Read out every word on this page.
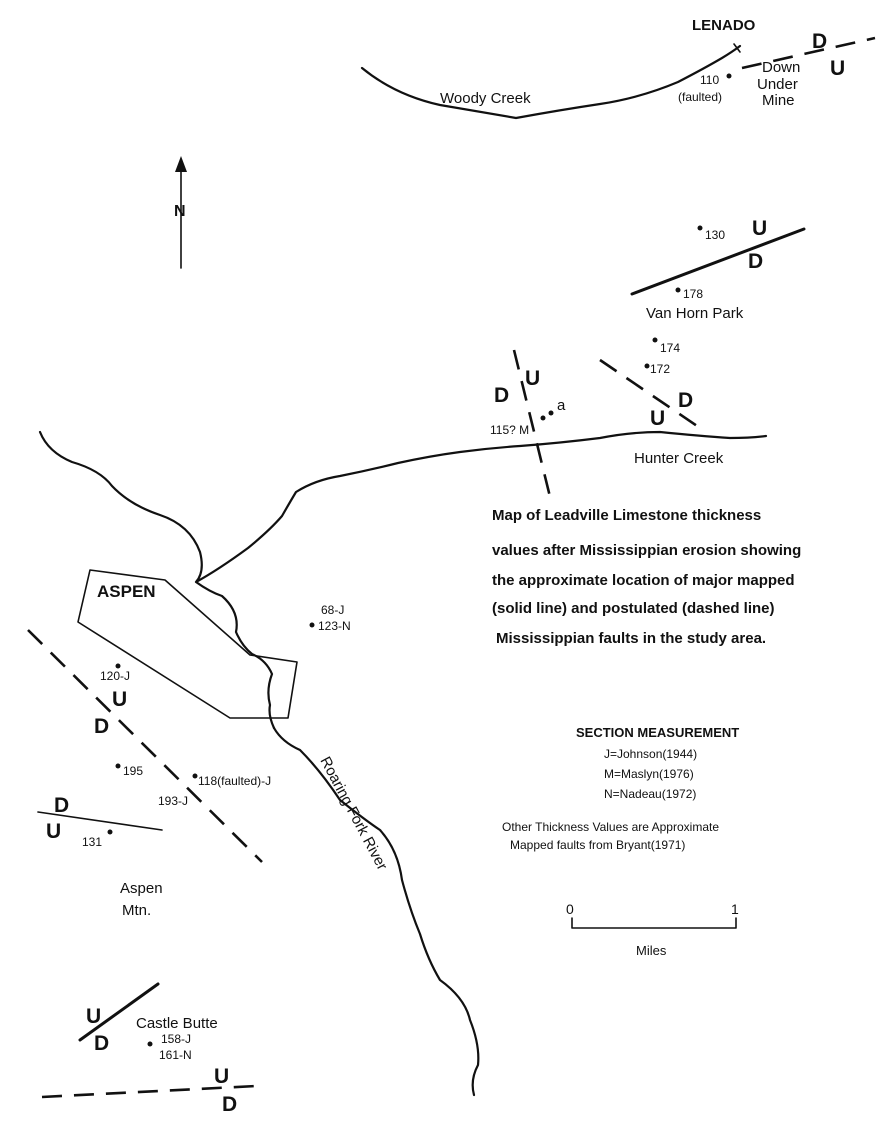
Woody Creek
LENADO
Down
Under
Mine
110
(faulted)
D
U
N
U
D
130
178
Van Horn Park
174
172
D
U
D
U
a
115? M
Hunter Creek
ASPEN
Roaring Fork River
68-J
123-N
Map of Leadville Limestone thickness
values after Mississippian erosion showing
the approximate location of major mapped
(solid line) and postulated (dashed line)
Mississippian faults in the study area.
U
D
120-J
195
118(faulted)-J
193-J
D
U 131
Aspen
Mtn.
SECTION MEASUREMENT
J=Johnson(1944)
M=Maslyn(1976)
N=Nadeau(1972)
Other Thickness Values are Approximate
Mapped faults from Bryant(1971)
0	1
Miles
U
D
Castle Butte
158-J
161-N
U
D
